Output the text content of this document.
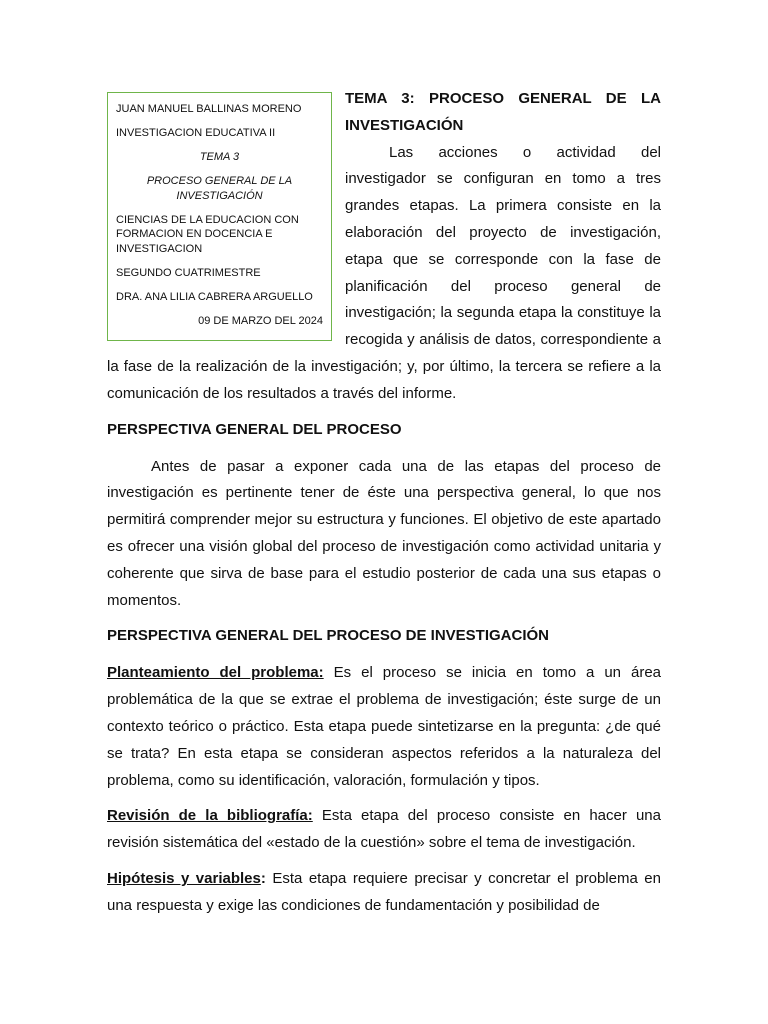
JUAN MANUEL BALLINAS MORENO

INVESTIGACION EDUCATIVA II

TEMA 3

PROCESO GENERAL DE LA INVESTIGACIÓN

CIENCIAS DE LA EDUCACION CON FORMACION EN DOCENCIA E INVESTIGACION

SEGUNDO CUATRIMESTRE

DRA. ANA LILIA CABRERA ARGUELLO

09 DE MARZO DEL 2024

TEMA 3: PROCESO GENERAL DE LA INVESTIGACIÓN

Las acciones o actividad del investigador se configuran en tomo a tres grandes etapas. La primera consiste en la elaboración del proyecto de investigación, etapa que se corresponde con la fase de planificación del proceso general de investigación; la segunda etapa la constituye la recogida y análisis de datos, correspondiente a la fase de la realización de la investigación; y, por último, la tercera se refiere a la comunicación de los resultados a través del informe.

PERSPECTIVA GENERAL DEL PROCESO

Antes de pasar a exponer cada una de las etapas del proceso de investigación es pertinente tener de éste una perspectiva general, lo que nos permitirá comprender mejor su estructura y funciones. El objetivo de este apartado es ofrecer una visión global del proceso de investigación como actividad unitaria y coherente que sirva de base para el estudio posterior de cada una sus etapas o momentos.

PERSPECTIVA GENERAL DEL PROCESO DE INVESTIGACIÓN

Planteamiento del problema: Es el proceso se inicia en tomo a un área problemática de la que se extrae el problema de investigación; éste surge de un contexto teórico o práctico. Esta etapa puede sintetizarse en la pregunta: ¿de qué se trata? En esta etapa se consideran aspectos referidos a la naturaleza del problema, como su identificación, valoración, formulación y tipos.

Revisión de la bibliografía: Esta etapa del proceso consiste en hacer una revisión sistemática del «estado de la cuestión» sobre el tema de investigación.

Hipótesis y variables: Esta etapa requiere precisar y concretar el problema en una respuesta y exige las condiciones de fundamentación y posibilidad de
